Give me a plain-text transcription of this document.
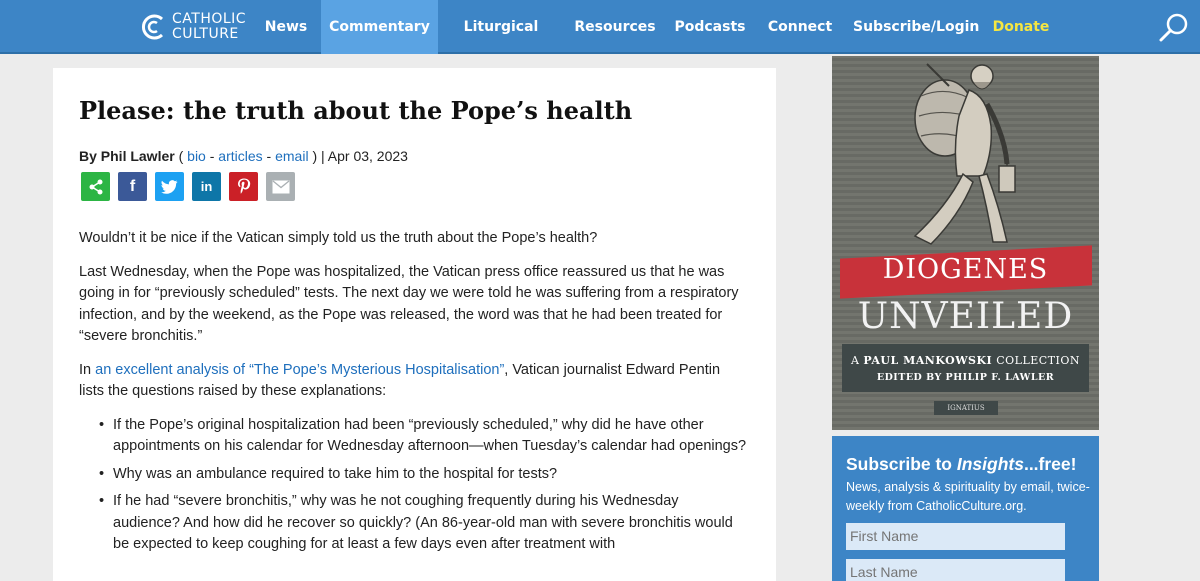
CATHOLIC
CULTURE	News	Commentary	Liturgical	Resources	Podcasts Connect Subscribe/Login Donate
Please: the truth about the Pope’s health
By Phil Lawler ( bio - articles - email ) | Apr 03, 2023
f	in

Wouldn’t it be nice if the Vatican simply told us the truth about the Pope’s health?

Last Wednesday, when the Pope was hospitalized, the Vatican press office reassured us that he was going in for “previously scheduled” tests. The next day we were told he was suffering from a respiratory infection, and by the weekend, as the Pope was released, the word was that he had been treated for “severe bronchitis.”

In an excellent analysis of “The Pope’s Mysterious Hospitalisation”, Vatican journalist Edward Pentin lists the questions raised by these explanations:

• If the Pope’s original hospitalization had been “previously scheduled,” why did he have other appointments on his calendar for Wednesday afternoon—when Tuesday’s calendar had openings?
• Why was an ambulance required to take him to the hospital for tests?
• If he had “severe bronchitis,” why was he not coughing frequently during his Wednesday audience? And how did he recover so quickly? (An 86-year-old man with severe bronchitis would be expected to keep coughing for at least a few days even after treatment with
DIOGENES
UNVEILED
A PAUL MANKOWSKI COLLECTION
EDITED BY PHILIP F. LAWLER
IGNATIUS
Subscribe to Insights...free!
News, analysis & spirituality by email, twice-weekly from CatholicCulture.org.
First Name
Last Name
